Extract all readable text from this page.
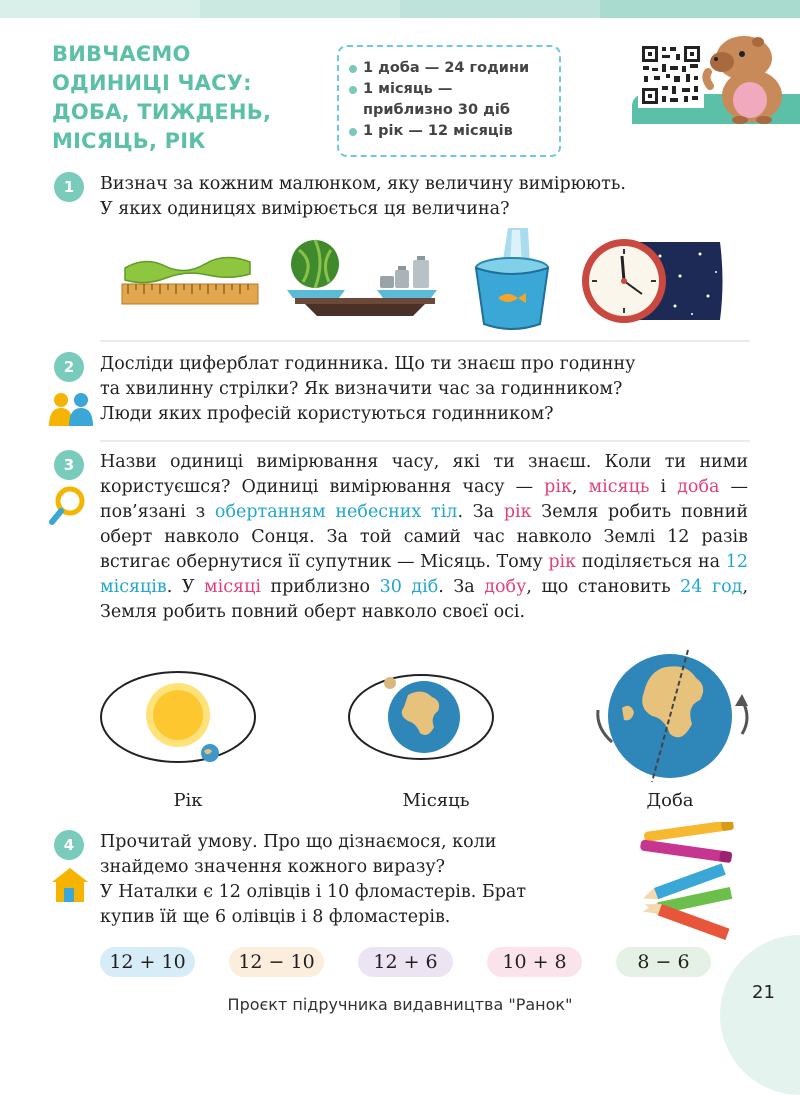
ВИВЧАЄМО
ОДИНИЦІ ЧАСУ:
ДОБА, ТИЖДЕНЬ,
МІСЯЦЬ, РІК
1 доба — 24 години
1 місяць —
приблизно 30 діб
1 рік — 12 місяців
1	Визнач за кожним малюнком, яку величину вимірюють.

У яких одиницях вимірюється ця величина?

2	Досліди циферблат годинника. Що ти знаєш про годинну

та хвилинну стрілки? Як визначити час за годинником?

Люди яких професій користуються годинником?

3	Назви одиниці вимірювання часу, які ти знаєш. Коли ти ними користуєшся? Одиниці вимірювання часу — рік, місяць і доба — пов’язані з обертанням небесних тіл. За рік Земля робить повний оберт навколо Сонця. За той самий час навколо Землі 12 разів встигає обернутися її супутник — Місяць. Тому рік поділяється на 12 місяців. У місяці приблизно 30 діб. За добу, що становить 24 год, Земля робить повний оберт навколо своєї осі.

Рік	Місяць	Доба
4	Прочитай умову. Про що дізнаємося, коли

знайдемо значення кожного виразу?

У Наталки є 12 олівців і 10 фломастерів. Брат

купив їй ще 6 олівців і 8 фломастерів.

12 + 10	12 − 10	12 + 6	10 + 8	8 − 6
Проєкт підручника видавництва "Ранок"
21
